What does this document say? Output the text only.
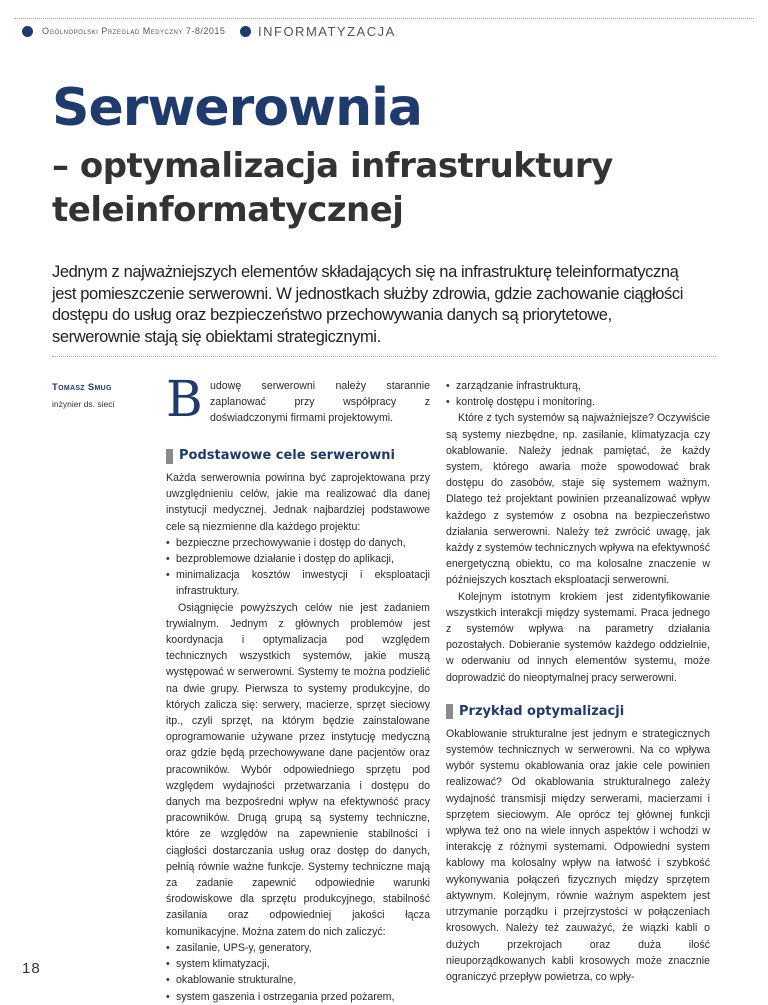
Ogólnopolski Przegląd Medyczny 7-8/2015	INFORMATYZACJA
Serwerownia
– optymalizacja infrastruktury
teleinformatycznej

Jednym z najważniejszych elementów składających się na infrastrukturę teleinformatyczną jest pomieszczenie serwerowni. W jednostkach służby zdrowia, gdzie zachowanie ciągłości dostępu do usług oraz bezpieczeństwo przechowywania danych są priorytetowe, serwerownie stają się obiektami strategicznymi.

Tomasz Smug

inżynier ds. sieci	B udowę serwerowni należy starannie zaplanować przy współpracy z doświadczonymi firmami projektowymi.

Podstawowe cele serwerowni

Każda serwerownia powinna być zaprojektowana przy uwzględnieniu celów, jakie ma realizować dla danej instytucji medycznej. Jednak najbardziej podstawowe cele są niezmienne dla każdego projektu:

• bezpieczne przechowywanie i dostęp do danych,
• bezproblemowe działanie i dostęp do aplikacji,
• minimalizacja kosztów inwestycji i eksploatacji infrastruktury.

Osiągnięcie powyższych celów nie jest zadaniem trywialnym. Jednym z głównych problemów jest koordynacja i optymalizacja pod względem technicznych wszystkich systemów, jakie muszą występować w serwerowni. Systemy te można podzielić na dwie grupy. Pierwsza to systemy produkcyjne, do których zalicza się: serwery, macierze, sprzęt sieciowy itp., czyli sprzęt, na którym będzie zainstalowane oprogramowanie używane przez instytucję medyczną oraz gdzie będą przechowywane dane pacjentów oraz pracowników. Wybór odpowiedniego sprzętu pod względem wydajności przetwarzania i dostępu do danych ma bezpośredni wpływ na efektywność pracy pracowników. Drugą grupą są systemy techniczne, które ze względów na zapewnienie stabilności i ciągłości dostarczania usług oraz dostęp do danych, pełnią równie ważne funkcje. Systemy techniczne mają za zadanie zapewnić odpowiednie warunki środowiskowe dla sprzętu produkcyjnego, stabilność zasilania oraz odpowiedniej jakości łącza komunikacyjne. Można zatem do nich zaliczyć:

• zasilanie, UPS-y, generatory,
• system klimatyzacji,
• okablowanie strukturalne,
• system gaszenia i ostrzegania przed pożarem,
• zarządzanie infrastrukturą,
• kontrolę dostępu i monitoring.

Które z tych systemów są najważniejsze? Oczywiście są systemy niezbędne, np. zasilanie, klimatyzacja czy okablowanie. Należy jednak pamiętać, że każdy system, którego awaria może spowodować brak dostępu do zasobów, staje się systemem ważnym. Dlatego też projektant powinien przeanalizować wpływ każdego z systemów z osobna na bezpieczeństwo działania serwerowni. Należy też zwrócić uwagę, jak każdy z systemów technicznych wpływa na efektywność energetyczną obiektu, co ma kolosalne znaczenie w późniejszych kosztach eksploatacji serwerowni.

Kolejnym istotnym krokiem jest zidentyfikowanie wszystkich interakcji między systemami. Praca jednego z systemów wpływa na parametry działania pozostałych. Dobieranie systemów każdego oddzielnie, w oderwaniu od innych elementów systemu, może doprowadzić do nieoptymalnej pracy serwerowni.

Przykład optymalizacji

Okablowanie strukturalne jest jednym e strategicznych systemów technicznych w serwerowni. Na co wpływa wybór systemu okablowania oraz jakie cele powinien realizować? Od okablowania strukturalnego zależy wydajność transmisji między serwerami, macierzami i sprzętem sieciowym. Ale oprócz tej głównej funkcji wpływa też ono na wiele innych aspektów i wchodzi w interakcję z różnymi systemami. Odpowiedni system kablowy ma kolosalny wpływ na łatwość i szybkość wykonywania połączeń fizycznych między sprzętem aktywnym. Kolejnym, równie ważnym aspektem jest utrzymanie porządku i przejrzystości w połączeniach krosowych. Należy też zauważyć, że wiązki kabli o dużych przekrojach oraz duża ilość nieuporządkowanych kabli krosowych może znacznie ograniczyć przepływ powietrza, co wpły-

18
